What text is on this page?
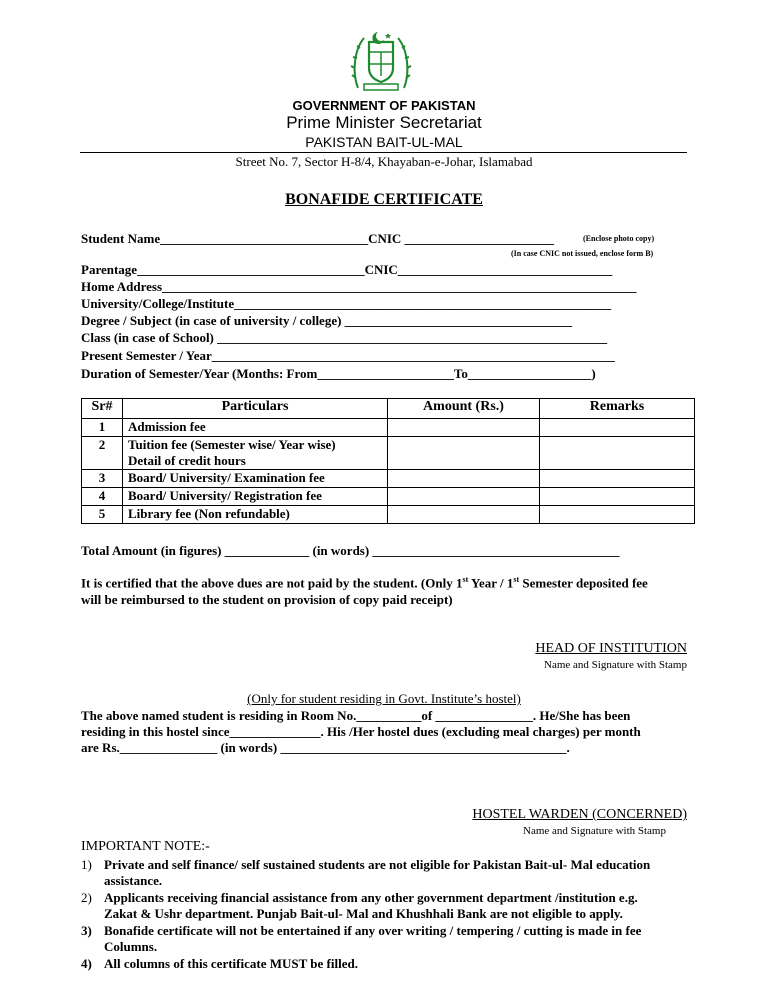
GOVERNMENT OF PAKISTAN
Prime Minister Secretariat
PAKISTAN BAIT-UL-MAL
Street No. 7, Sector H-8/4, Khayaban-e-Johar, Islamabad
BONAFIDE CERTIFICATE
Student Name________________________________CNIC _______________________	(Enclose photo copy)
(In case CNIC not issued, enclose form B)
Parentage___________________________________CNIC_________________________________
Home Address_________________________________________________________________________
University/College/Institute__________________________________________________________
Degree / Subject (in case of university / college) ___________________________________
Class (in case of School) ____________________________________________________________
Present Semester / Year______________________________________________________________
Duration of Semester/Year (Months: From_____________________To___________________)
Sr#	Particulars	Amount (Rs.)	Remarks
1	Admission fee		
2	Tuition fee (Semester wise/ Year wise)
Detail of credit hours		

3	Board/ University/ Examination fee		
4	Board/ University/ Registration fee		
5	Library fee (Non refundable)		
Total Amount (in figures) _____________ (in words) ______________________________________
It is certified that the above dues are not paid by the student. (Only 1st Year / 1st Semester deposited fee
will be reimbursed to the student on provision of copy paid receipt)
HEAD OF INSTITUTION
Name and Signature with Stamp
(Only for student residing in Govt. Institute’s hostel)
The above named student is residing in Room No.__________of _______________. He/She has been
residing in this hostel since______________. His /Her hostel dues (excluding meal charges) per month
are Rs._______________ (in words) ____________________________________________.
HOSTEL WARDEN (CONCERNED)
Name and Signature with Stamp
IMPORTANT NOTE:-
1) Private and self finance/ self sustained students are not eligible for Pakistan Bait-ul- Mal education
assistance.
2) Applicants receiving financial assistance from any other government department /institution e.g.
Zakat & Ushr department. Punjab Bait-ul- Mal and Khushhali Bank are not eligible to apply.
3) Bonafide certificate will not be entertained if any over writing / tempering / cutting is made in fee
Columns.
4) All columns of this certificate MUST be filled.
